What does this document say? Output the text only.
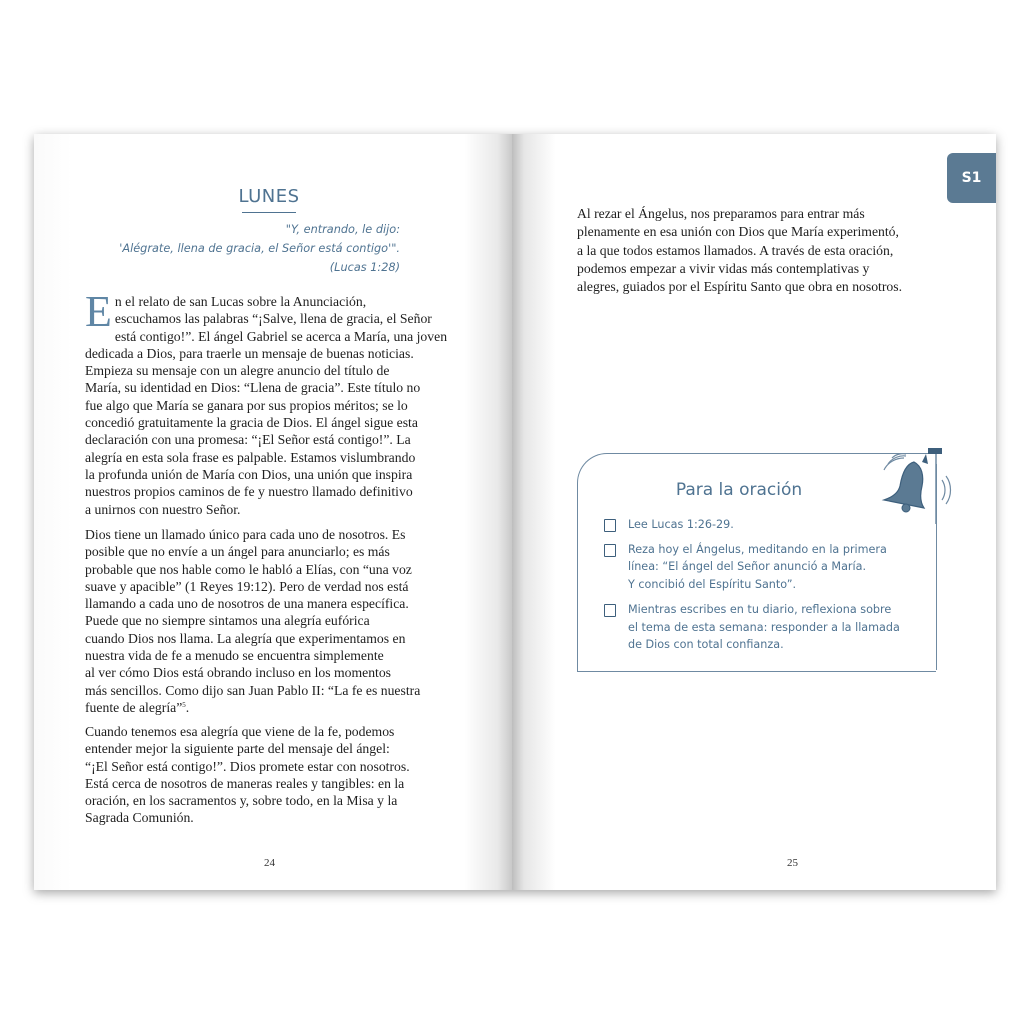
LUNES
"Y, entrando, le dijo:
'Alégrate, llena de gracia, el Señor está contigo'".
(Lucas 1:28)
E n el relato de san Lucas sobre la Anunciación,
escuchamos las palabras “¡Salve, llena de gracia, el Señor
está contigo!”. El ángel Gabriel se acerca a María, una joven
dedicada a Dios, para traerle un mensaje de buenas noticias.
Empieza su mensaje con un alegre anuncio del título de
María, su identidad en Dios: “Llena de gracia”. Este título no
fue algo que María se ganara por sus propios méritos; se lo
concedió gratuitamente la gracia de Dios. El ángel sigue esta
declaración con una promesa: “¡El Señor está contigo!”. La
alegría en esta sola frase es palpable. Estamos vislumbrando
la profunda unión de María con Dios, una unión que inspira
nuestros propios caminos de fe y nuestro llamado definitivo
a unirnos con nuestro Señor.
Dios tiene un llamado único para cada uno de nosotros. Es
posible que no envíe a un ángel para anunciarlo; es más
probable que nos hable como le habló a Elías, con “una voz
suave y apacible” (1 Reyes 19:12). Pero de verdad nos está
llamando a cada uno de nosotros de una manera específica.
Puede que no siempre sintamos una alegría eufórica
cuando Dios nos llama. La alegría que experimentamos en
nuestra vida de fe a menudo se encuentra simplemente
al ver cómo Dios está obrando incluso en los momentos
más sencillos. Como dijo san Juan Pablo II: “La fe es nuestra
fuente de alegría”$^5$.
Cuando tenemos esa alegría que viene de la fe, podemos
entender mejor la siguiente parte del mensaje del ángel:
“¡El Señor está contigo!”. Dios promete estar con nosotros.
Está cerca de nosotros de maneras reales y tangibles: en la
oración, en los sacramentos y, sobre todo, en la Misa y la
Sagrada Comunión.
24
S1
Al rezar el Ángelus, nos preparamos para entrar más
plenamente en esa unión con Dios que María experimentó,
a la que todos estamos llamados. A través de esta oración,
podemos empezar a vivir vidas más contemplativas y
alegres, guiados por el Espíritu Santo que obra en nosotros.
Para la oración
Lee Lucas 1:26-29.
Reza hoy el Ángelus, meditando en la primera
línea: “El ángel del Señor anunció a María.
Y concibió del Espíritu Santo”.
Mientras escribes en tu diario, reflexiona sobre
el tema de esta semana: responder a la llamada
de Dios con total confianza.
25
